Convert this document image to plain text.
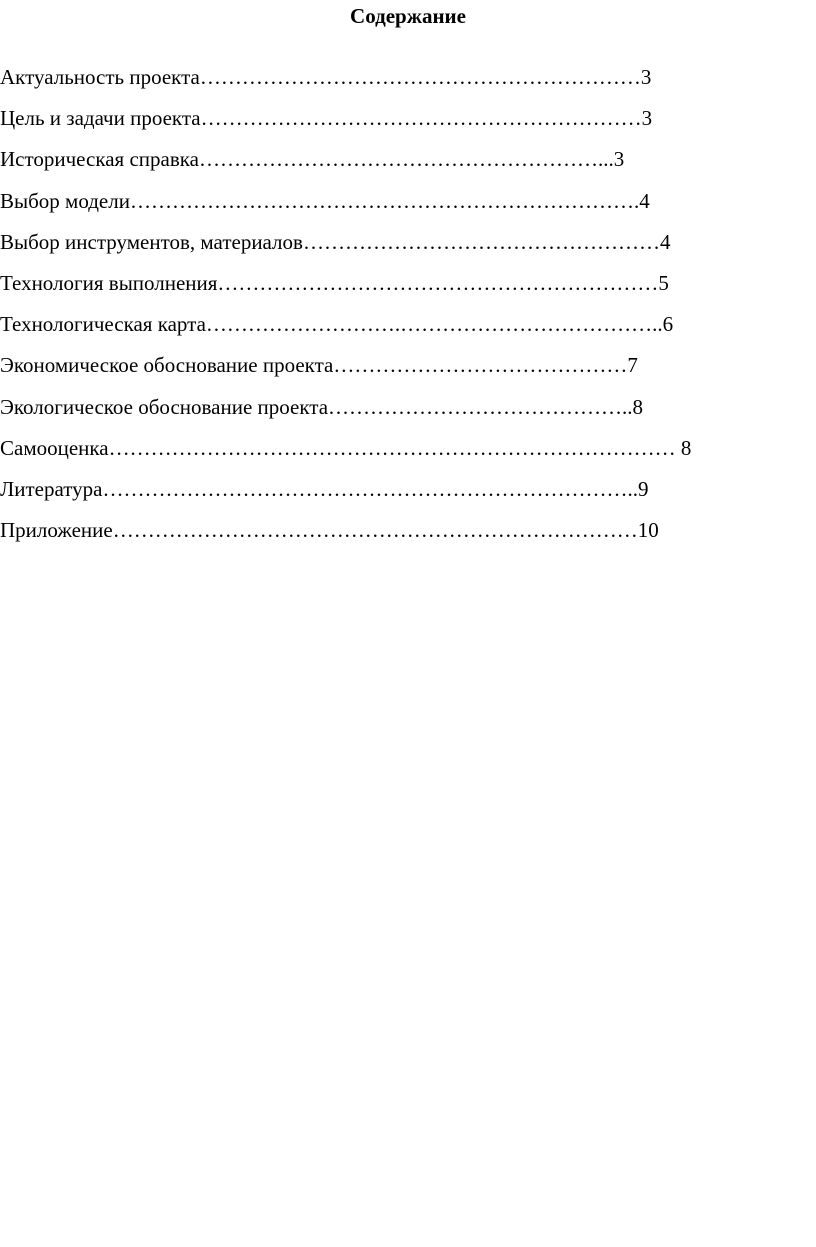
Содержание
Актуальность проекта………………………………………………………3
Цель и задачи проекта………………………………………………………3
Историческая справка…………………………………………………...3
Выбор модели……………………………………………………………….4
Выбор инструментов, материалов……………………………………………4
Технология выполнения………………………………………………………5
Технологическая карта……………………….………………………………..6
Экономическое обоснование проекта……………………………………7
Экологическое обоснование проекта……………………………………..8
Самооценка……………………………………………………………………… 8
Литература…………………………………………………………………..9
Приложение…………………………………………………………………10
